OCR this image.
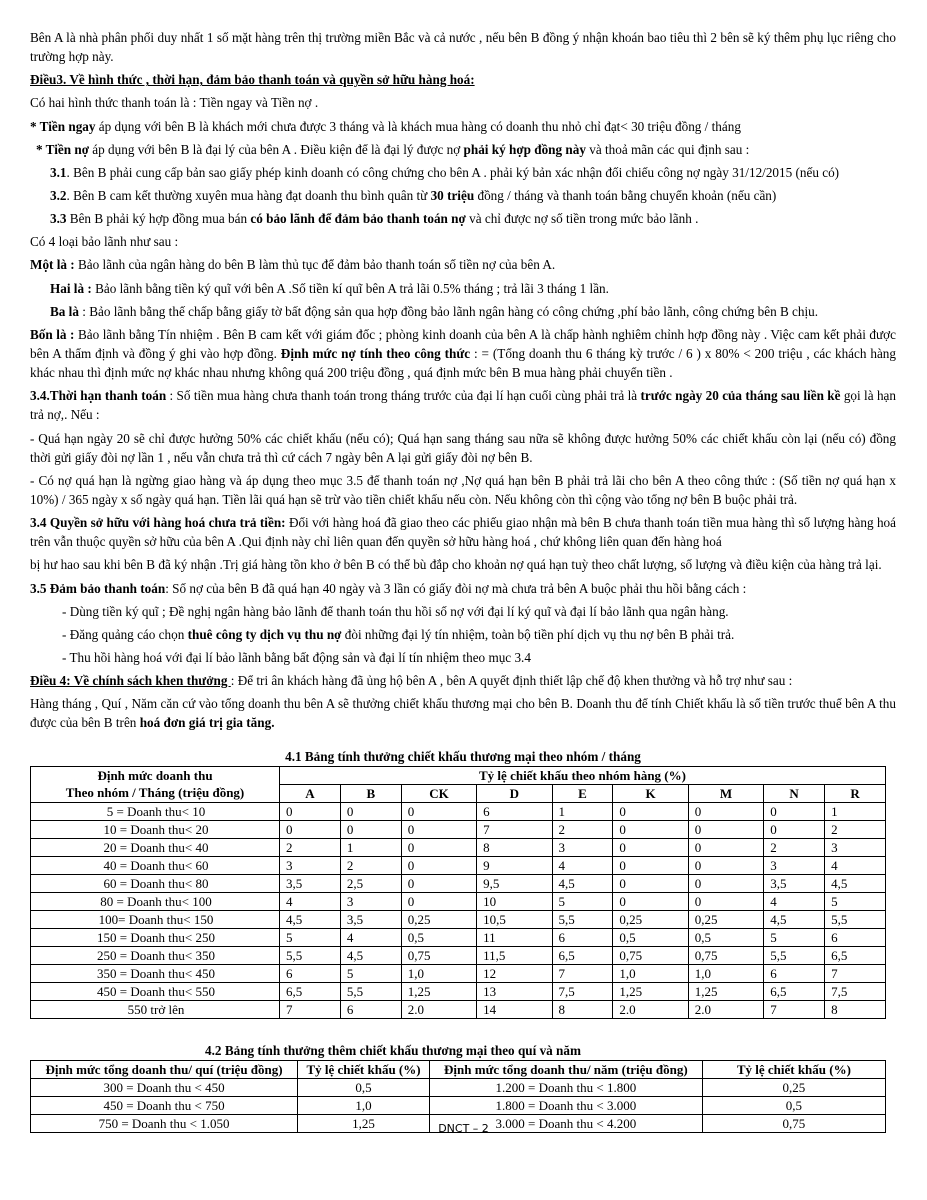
Bên A là nhà phân phối duy nhất 1 số mặt hàng trên thị trường miền Bắc và cả nước , nếu bên B đồng ý nhận khoán bao tiêu thì 2 bên sẽ ký thêm phụ lục riêng cho trường hợp này.

Điều3. Về hình thức , thời hạn, đảm bảo thanh toán và quyền sở hữu hàng hoá:

Có hai hình thức thanh toán là : Tiền ngay và Tiền nợ .

* Tiền ngay áp dụng với bên B là khách mới chưa được 3 tháng và là khách mua hàng có doanh thu nhỏ chỉ đạt< 30 triệu đồng / tháng

* Tiền nợ áp dụng với bên B là đại lý của bên A . Điều kiện để là đại lý được nợ phải ký hợp đồng này và thoả mãn các qui định sau :

3.1. Bên B phải cung cấp bản sao giấy phép kinh doanh có công chứng cho bên A . phải ký bản xác nhận đối chiếu công nợ ngày 31/12/2015 (nếu có)

3.2. Bên B cam kết thường xuyên mua hàng đạt doanh thu bình quân từ 30 triệu đồng / tháng và thanh toán bằng chuyển khoản (nếu cần)

3.3 Bên B phải ký hợp đồng mua bán có bảo lãnh để đảm bảo thanh toán nợ và chỉ được nợ số tiền trong mức bảo lãnh .

Có 4 loại bảo lãnh như sau :

Một là : Bảo lãnh của ngân hàng do bên B làm thủ tục để đảm bảo thanh toán số tiền nợ của bên A.

Hai là : Bảo lãnh bằng tiền ký quĩ với bên A .Số tiền kí quĩ bên A trả lãi 0.5% tháng ; trả lãi 3 tháng 1 lần.

Ba là : Bảo lãnh bằng thế chấp bằng giấy tờ bất động sản qua hợp đồng bảo lãnh ngân hàng có công chứng ,phí bảo lãnh, công chứng bên B chịu.

Bốn là : Bảo lãnh bằng Tín nhiệm . Bên B cam kết với giám đốc ; phòng kinh doanh của bên A là chấp hành nghiêm chỉnh hợp đồng này . Việc cam kết phải được bên A thẩm định và đồng ý ghi vào hợp đồng. Định mức nợ tính theo công thức : = (Tổng doanh thu 6 tháng kỳ trước / 6 ) x 80% < 200 triệu , các khách hàng khác nhau thì định mức nợ khác nhau nhưng không quá 200 triệu đồng , quá định mức bên B mua hàng phải chuyển tiền .

3.4.Thời hạn thanh toán : Số tiền mua hàng chưa thanh toán trong tháng trước của đại lí hạn cuối cùng phải trả là trước ngày 20 của tháng sau liền kề gọi là hạn trả nợ,. Nếu :

- Quá hạn ngày 20 sẽ chỉ được hưởng 50% các chiết khấu (nếu có); Quá hạn sang tháng sau nữa sẽ không được hưởng 50% các chiết khấu còn lại (nếu có) đồng thời gửi giấy đòi nợ lần 1 , nếu vẫn chưa trả thì cứ cách 7 ngày bên A lại gửi giấy đòi nợ bên B.

- Có nợ quá hạn là ngừng giao hàng và áp dụng theo mục 3.5 để thanh toán nợ ,Nợ quá hạn bên B phải trả lãi cho bên A theo công thức : (Số tiền nợ quá hạn x 10%) / 365 ngày x số ngày quá hạn. Tiền lãi quá hạn sẽ trừ vào tiền chiết khấu nếu còn. Nếu không còn thì cộng vào tổng nợ bên B buộc phải trả.

3.4 Quyền sở hữu với hàng hoá chưa trả tiền: Đối với hàng hoá đã giao theo các phiếu giao nhận mà bên B chưa thanh toán tiền mua hàng thì số lượng hàng hoá trên vẫn thuộc quyền sở hữu của bên A .Qui định này chỉ liên quan đến quyền sở hữu hàng hoá , chứ không liên quan đến hàng hoá

bị hư hao sau khi bên B đã ký nhận .Trị giá hàng tồn kho ở bên B có thể bù đắp cho khoản nợ quá hạn tuỳ theo chất lượng, số lượng và điều kiện của hàng trả lại.

3.5 Đảm bảo thanh toán: Số nợ của bên B đã quá hạn 40 ngày và 3 lần có giấy đòi nợ mà chưa trả bên A buộc phải thu hồi bằng cách :

- Dùng tiền ký quĩ ; Đề nghị ngân hàng bảo lãnh để thanh toán thu hồi số nợ với đại lí ký quĩ và đại lí bảo lãnh qua ngân hàng.

- Đăng quảng cáo chọn thuê công ty dịch vụ thu nợ đòi những đại lý tín nhiệm, toàn bộ tiền phí dịch vụ thu nợ bên B phải trả.

- Thu hồi hàng hoá với đại lí bảo lãnh bằng bất động sản và đại lí tín nhiệm theo mục 3.4

Điều 4: Về chính sách khen thưởng : Để tri ân khách hàng đã ủng hộ bên A , bên A quyết định thiết lập chế độ khen thưởng và hỗ trợ như sau :

Hàng tháng , Quí , Năm căn cứ vào tổng doanh thu bên A sẽ thưởng chiết khấu thương mại cho bên B. Doanh thu để tính Chiết khấu là số tiền trước thuế bên A thu được của bên B trên hoá đơn giá trị gia tăng.

4.1 Bảng tính thưởng chiết khấu thương mại theo nhóm / tháng

Định mức doanh thu
Theo nhóm / Tháng (triệu đồng)	Tỷ lệ chiết khấu theo nhóm hàng (%)								
	A	B	CK	D	E	K	M	N	R
5 = Doanh thu< 10	0	0	0	6	1	0	0	0	1
10 = Doanh thu< 20	0	0	0	7	2	0	0	0	2
20 = Doanh thu< 40	2	1	0	8	3	0	0	2	3
40 = Doanh thu< 60	3	2	0	9	4	0	0	3	4
60 = Doanh thu< 80	3,5	2,5	0	9,5	4,5	0	0	3,5	4,5
80 = Doanh thu< 100	4	3	0	10	5	0	0	4	5
100= Doanh thu< 150	4,5	3,5	0,25	10,5	5,5	0,25	0,25	4,5	5,5
150 = Doanh thu< 250	5	4	0,5	11	6	0,5	0,5	5	6
250 = Doanh thu< 350	5,5	4,5	0,75	11,5	6,5	0,75	0,75	5,5	6,5
350 = Doanh thu< 450	6	5	1,0	12	7	1,0	1,0	6	7
450 = Doanh thu< 550	6,5	5,5	1,25	13	7,5	1,25	1,25	6,5	7,5
550 trở lên	7	6	2.0	14	8	2.0	2.0	7	8

4.2 Bảng tính thưởng thêm chiết khấu thương mại theo quí và năm

Định mức tổng doanh thu/ quí (triệu đồng)	Tỷ lệ chiết khấu (%)	Định mức tổng doanh thu/ năm (triệu đồng)	Tỷ lệ chiết khấu (%)
300 = Doanh thu < 450	0,5	1.200 = Doanh thu < 1.800	0,25
450 = Doanh thu < 750	1,0	1.800 = Doanh thu < 3.000	0,5
750 = Doanh thu < 1.050	1,25	3.000 = Doanh thu < 4.200	0,75
DNCT – 2
